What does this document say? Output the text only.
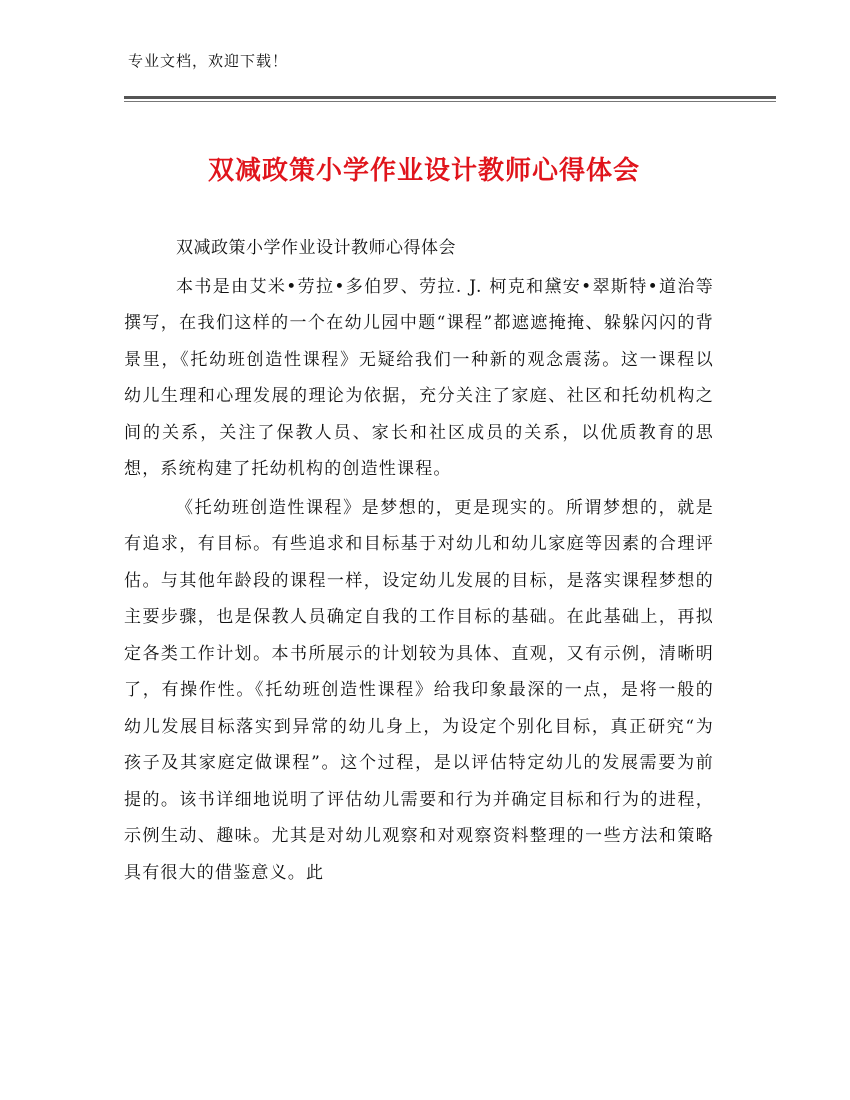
专业文档，欢迎下载！
双减政策小学作业设计教师心得体会

双减政策小学作业设计教师心得体会

本书是由艾米•劳拉•多伯罗、劳拉. J. 柯克和黛安•翠斯特•道治等撰写，在我们这样的一个在幼儿园中题“课程”都遮遮掩掩、躲躲闪闪的背景里，《托幼班创造性课程》无疑给我们一种新的观念震荡。这一课程以幼儿生理和心理发展的理论为依据，充分关注了家庭、社区和托幼机构之间的关系，关注了保教人员、家长和社区成员的关系，以优质教育的思想，系统构建了托幼机构的创造性课程。

《托幼班创造性课程》是梦想的，更是现实的。所谓梦想的，就是有追求，有目标。有些追求和目标基于对幼儿和幼儿家庭等因素的合理评估。与其他年龄段的课程一样，设定幼儿发展的目标，是落实课程梦想的主要步骤，也是保教人员确定自我的工作目标的基础。在此基础上，再拟定各类工作计划。本书所展示的计划较为具体、直观，又有示例，清晰明了，有操作性。《托幼班创造性课程》给我印象最深的一点，是将一般的幼儿发展目标落实到异常的幼儿身上，为设定个别化目标，真正研究“为孩子及其家庭定做课程”。这个过程，是以评估特定幼儿的发展需要为前提的。该书详细地说明了评估幼儿需要和行为并确定目标和行为的进程，示例生动、趣味。尤其是对幼儿观察和对观察资料整理的一些方法和策略具有很大的借鉴意义。此
